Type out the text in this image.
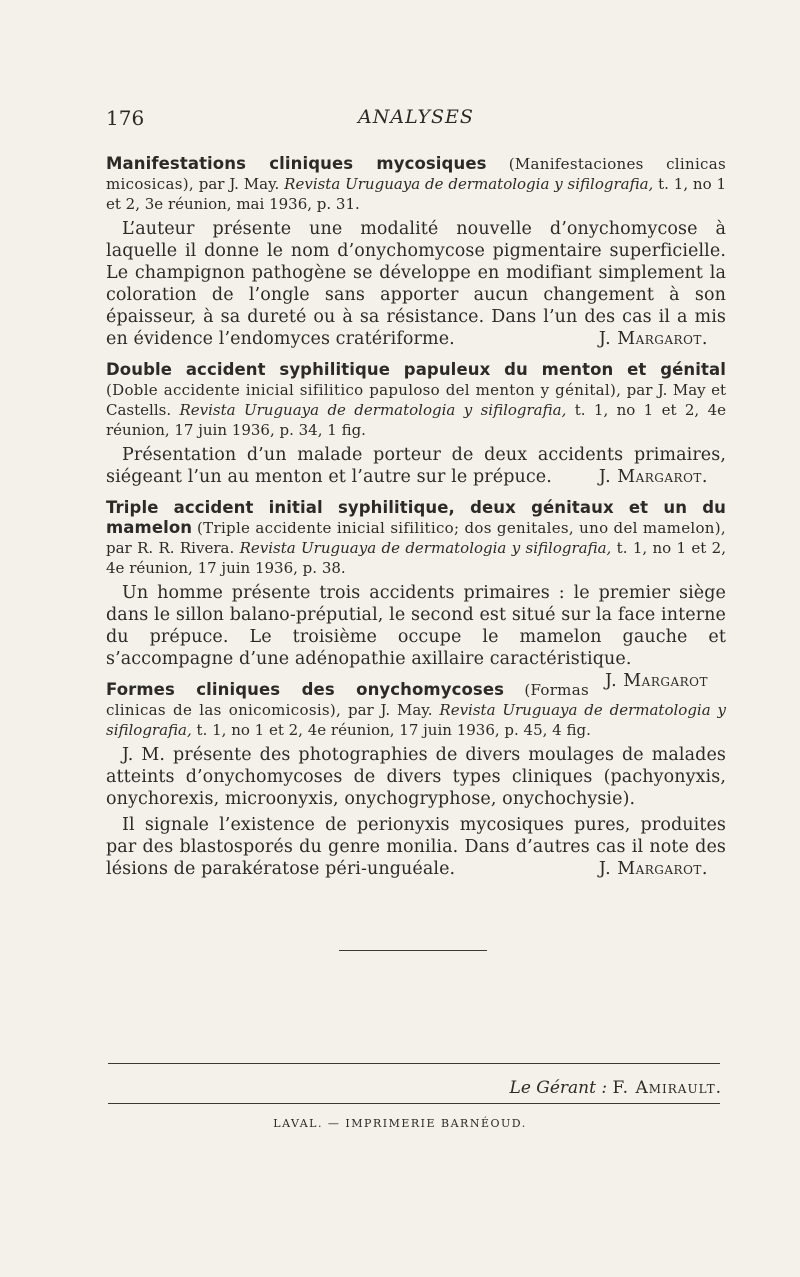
176	ANALYSES

Manifestations cliniques mycosiques (Manifestaciones clinicas micosicas), par J. May. Revista Uruguaya de dermatologia y sifilografia, t. 1, no 1 et 2, 3e réunion, mai 1936, p. 31.

L’auteur présente une modalité nouvelle d’onychomycose à laquelle il donne le nom d’onychomycose pigmentaire superficielle. Le champignon pathogène se développe en modifiant simplement la coloration de l’ongle sans apporter aucun changement à son épaisseur, à sa dureté ou à sa résistance. Dans l’un des cas il a mis en évidence l’endomyces cratériforme.	J. Margarot.

Double accident syphilitique papuleux du menton et génital (Doble accidente inicial sifilitico papuloso del menton y génital), par J. May et Castells. Revista Uruguaya de dermatologia y sifilografia, t. 1, no 1 et 2, 4e réunion, 17 juin 1936, p. 34, 1 fig.

Présentation d’un malade porteur de deux accidents primaires, siégeant l’un au menton et l’autre sur le prépuce.	J. Margarot.

Triple accident initial syphilitique, deux génitaux et un du mamelon (Triple accidente inicial sifilitico; dos genitales, uno del mamelon), par R. R. Rivera. Revista Uruguaya de dermatologia y sifilografia, t. 1, no 1 et 2, 4e réunion, 17 juin 1936, p. 38.

Un homme présente trois accidents primaires : le premier siège dans le sillon balano-préputial, le second est situé sur la face interne du prépuce. Le troisième occupe le mamelon gauche et s’accompagne d’une adénopathie axillaire caractéristique.
J. Margarot

Formes cliniques des onychomycoses (Formas clinicas de las onicomicosis), par J. May. Revista Uruguaya de dermatologia y sifilografia, t. 1, no 1 et 2, 4e réunion, 17 juin 1936, p. 45, 4 fig.

J. M. présente des photographies de divers moulages de malades atteints d’onychomycoses de divers types cliniques (pachyonyxis, onychorexis, microonyxis, onychogryphose, onychochysie).

Il signale l’existence de perionyxis mycosiques pures, produites par des blastosporés du genre monilia. Dans d’autres cas il note des lésions de parakératose péri-unguéale.	J. Margarot.

Le Gérant : F. Amirault.
LAVAL. — IMPRIMERIE BARNÉOUD.
